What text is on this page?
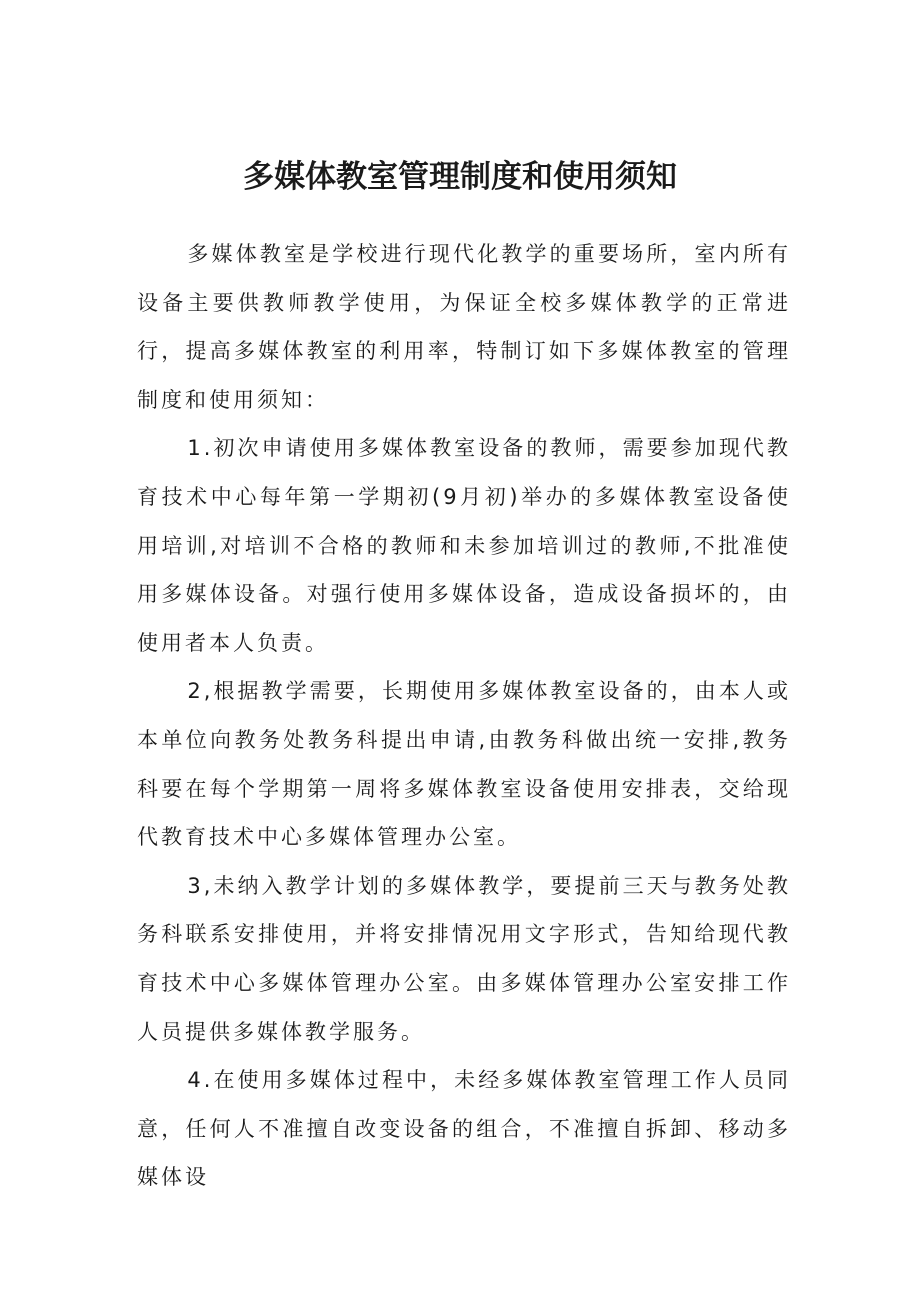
多媒体教室管理制度和使用须知

多媒体教室是学校进行现代化教学的重要场所，室内所有设备主要供教师教学使用，为保证全校多媒体教学的正常进行，提高多媒体教室的利用率，特制订如下多媒体教室的管理制度和使用须知：

1.初次申请使用多媒体教室设备的教师，需要参加现代教育技术中心每年第一学期初(9月初)举办的多媒体教室设备使用培训,对培训不合格的教师和未参加培训过的教师,不批准使用多媒体设备。对强行使用多媒体设备，造成设备损坏的，由使用者本人负责。

2,根据教学需要，长期使用多媒体教室设备的，由本人或本单位向教务处教务科提出申请,由教务科做出统一安排,教务科要在每个学期第一周将多媒体教室设备使用安排表，交给现代教育技术中心多媒体管理办公室。

3,未纳入教学计划的多媒体教学，要提前三天与教务处教务科联系安排使用，并将安排情况用文字形式，告知给现代教育技术中心多媒体管理办公室。由多媒体管理办公室安排工作人员提供多媒体教学服务。

4.在使用多媒体过程中，未经多媒体教室管理工作人员同意，任何人不准擅自改变设备的组合，不准擅自拆卸、移动多媒体设
